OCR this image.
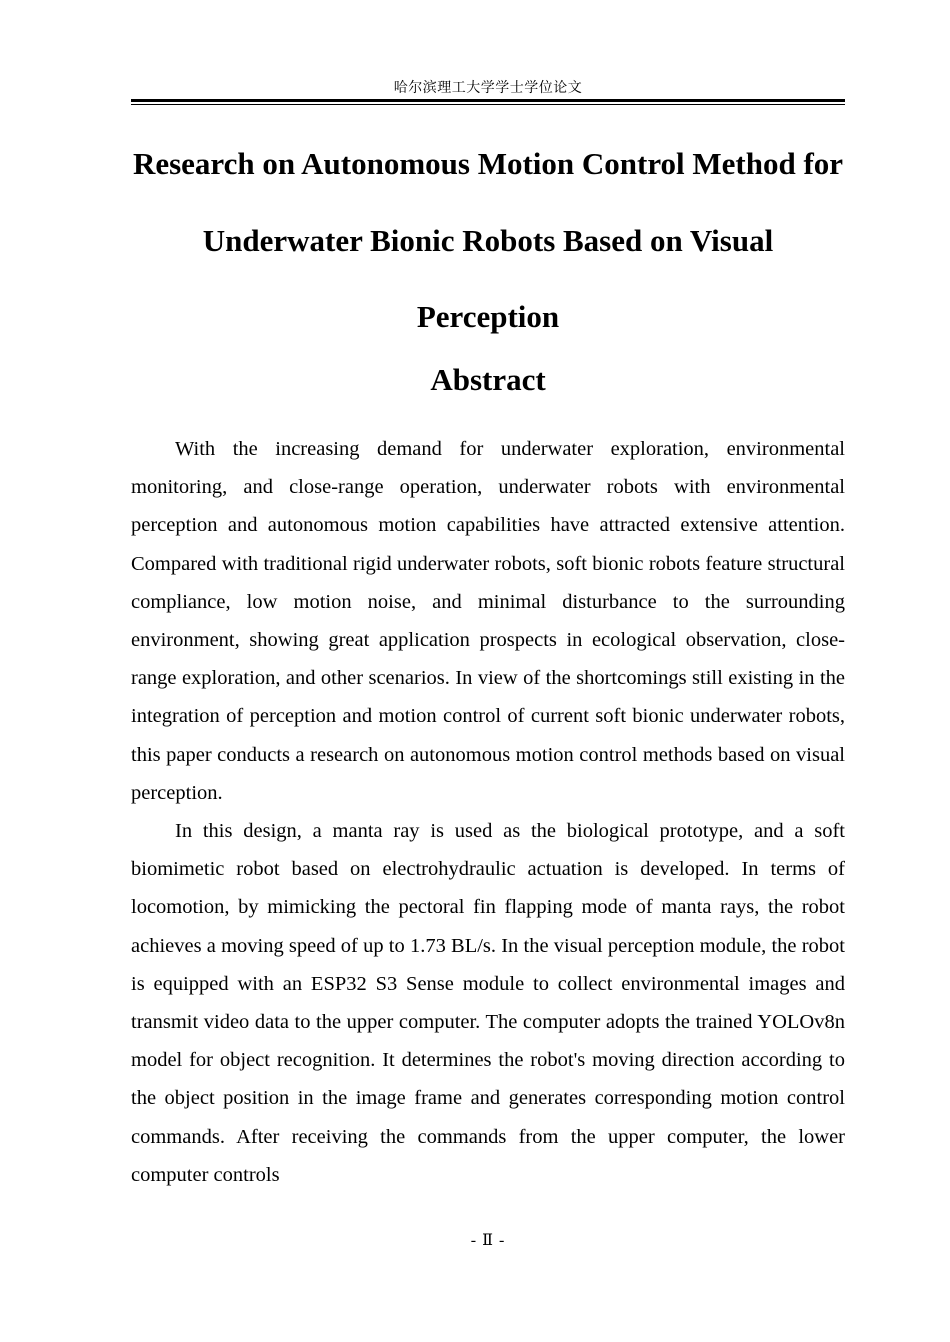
哈尔滨理工大学学士学位论文
Research on Autonomous Motion Control Method for Underwater Bionic Robots Based on Visual Perception
Abstract

With the increasing demand for underwater exploration, environmental monitoring, and close-range operation, underwater robots with environmental perception and autonomous motion capabilities have attracted extensive attention. Compared with traditional rigid underwater robots, soft bionic robots feature structural compliance, low motion noise, and minimal disturbance to the surrounding environment, showing great application prospects in ecological observation, close-range exploration, and other scenarios. In view of the shortcomings still existing in the integration of perception and motion control of current soft bionic underwater robots, this paper conducts a research on autonomous motion control methods based on visual perception.

In this design, a manta ray is used as the biological prototype, and a soft biomimetic robot based on electrohydraulic actuation is developed. In terms of locomotion, by mimicking the pectoral fin flapping mode of manta rays, the robot achieves a moving speed of up to 1.73 BL/s. In the visual perception module, the robot is equipped with an ESP32 S3 Sense module to collect environmental images and transmit video data to the upper computer. The computer adopts the trained YOLOv8n model for object recognition. It determines the robot's moving direction according to the object position in the image frame and generates corresponding motion control commands. After receiving the commands from the upper computer, the lower computer controls

- Ⅱ -
